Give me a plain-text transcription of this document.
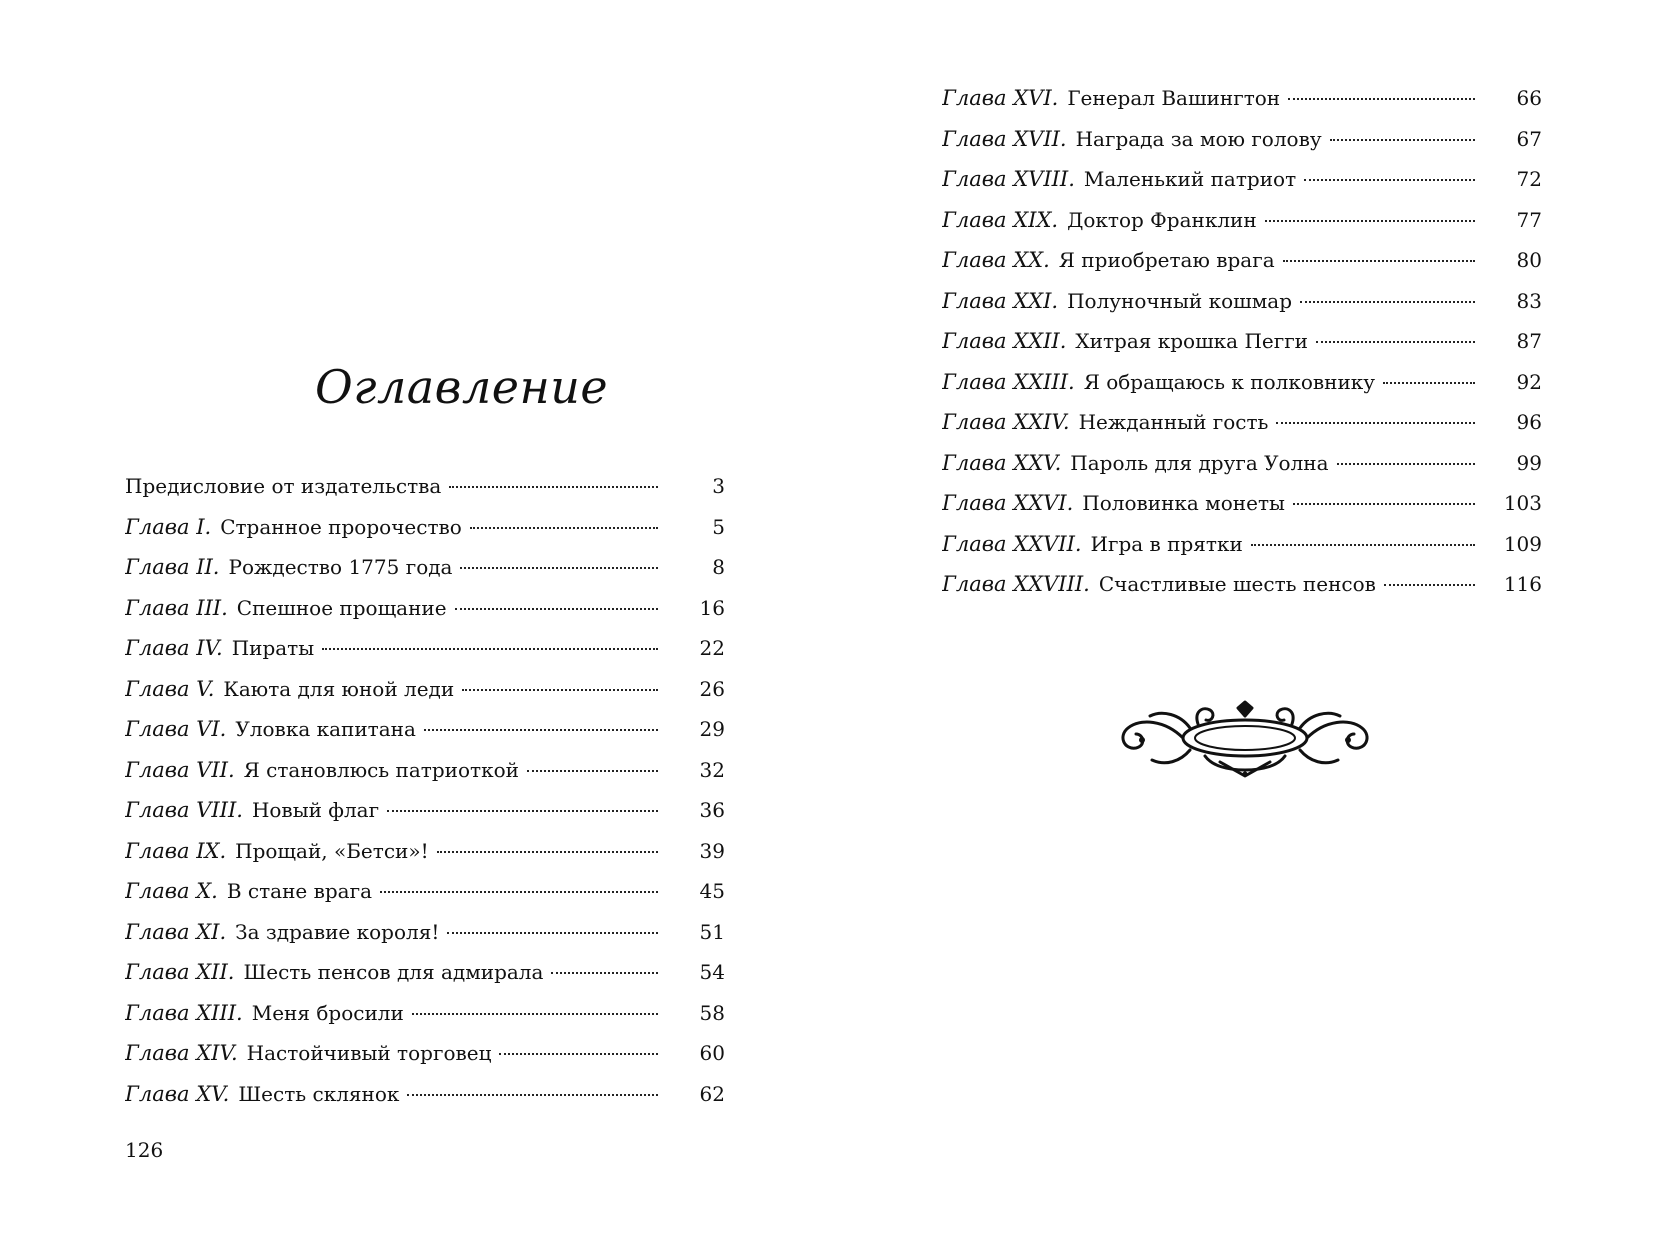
Оглавление
Предисловие от издательства	3
Глава I. Странное пророчество	5
Глава II. Рождество 1775 года	8
Глава III. Спешное прощание	16
Глава IV. Пираты	22
Глава V. Каюта для юной леди	26
Глава VI. Уловка капитана	29
Глава VII. Я становлюсь патриоткой	32
Глава VIII. Новый флаг	36
Глава IX. Прощай, «Бетси»!	39
Глава X. В стане врага	45
Глава XI. За здравие короля!	51
Глава XII. Шесть пенсов для адмирала	54
Глава XIII. Меня бросили	58
Глава XIV. Настойчивый торговец	60
Глава XV. Шесть склянок	62
126
Глава XVI. Генерал Вашингтон	66
Глава XVII. Награда за мою голову	67
Глава XVIII. Маленький патриот	72
Глава XIX. Доктор Франклин	77
Глава XX. Я приобретаю врага	80
Глава XXI. Полуночный кошмар	83
Глава XXII. Хитрая крошка Пегги	87
Глава XXIII. Я обращаюсь к полковнику	92
Глава XXIV. Нежданный гость	96
Глава XXV. Пароль для друга Уолна	99
Глава XXVI. Половинка монеты	103
Глава XXVII. Игра в прятки	109
Глава XXVIII. Счастливые шесть пенсов	116
